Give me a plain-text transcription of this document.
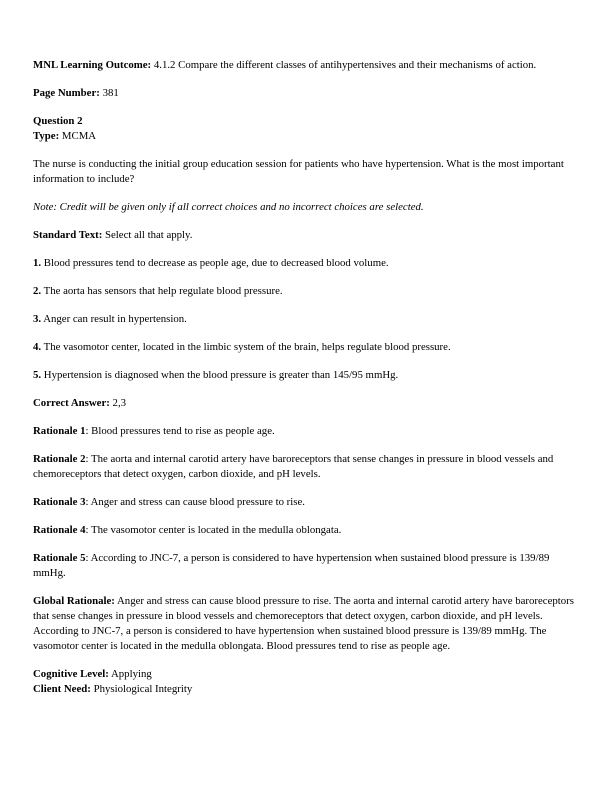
MNL Learning Outcome: 4.1.2 Compare the different classes of antihypertensives and their mechanisms of action.

Page Number: 381

Question 2

Type: MCMA

The nurse is conducting the initial group education session for patients who have hypertension. What is the most important information to include?

Note: Credit will be given only if all correct choices and no incorrect choices are selected.

Standard Text: Select all that apply.

1. Blood pressures tend to decrease as people age, due to decreased blood volume.

2. The aorta has sensors that help regulate blood pressure.

3. Anger can result in hypertension.

4. The vasomotor center, located in the limbic system of the brain, helps regulate blood pressure.

5. Hypertension is diagnosed when the blood pressure is greater than 145/95 mmHg.

Correct Answer: 2,3

Rationale 1: Blood pressures tend to rise as people age.

Rationale 2: The aorta and internal carotid artery have baroreceptors that sense changes in pressure in blood vessels and chemoreceptors that detect oxygen, carbon dioxide, and pH levels.

Rationale 3: Anger and stress can cause blood pressure to rise.

Rationale 4: The vasomotor center is located in the medulla oblongata.

Rationale 5: According to JNC-7, a person is considered to have hypertension when sustained blood pressure is 139/89 mmHg.

Global Rationale: Anger and stress can cause blood pressure to rise. The aorta and internal carotid artery have baroreceptors that sense changes in pressure in blood vessels and chemoreceptors that detect oxygen, carbon dioxide, and pH levels. According to JNC-7, a person is considered to have hypertension when sustained blood pressure is 139/89 mmHg. The vasomotor center is located in the medulla oblongata. Blood pressures tend to rise as people age.

Cognitive Level: Applying

Client Need: Physiological Integrity
